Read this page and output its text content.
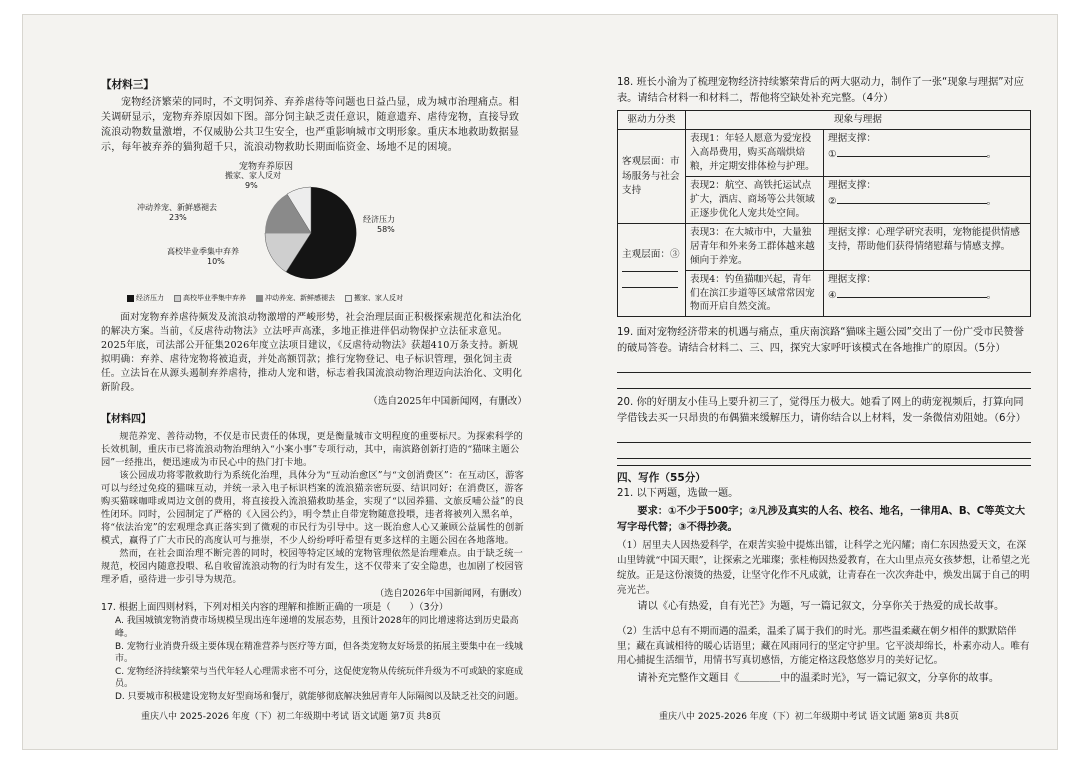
【材料三】
宠物经济繁荣的同时，不文明饲养、弃养虐待等问题也日益凸显，成为城市治理痛点。相关调研显示，宠物弃养原因如下图。部分饲主缺乏责任意识，随意遗弃、虐待宠物，直接导致流浪动物数量激增，不仅威胁公共卫生安全，也严重影响城市文明形象。重庆本地救助数据显示，每年被弃养的猫狗超千只，流浪动物救助长期面临资金、场地不足的困境。
宠物弃养原因
搬家、家人反对
9%
冲动养宠、新鲜感褪去
23%
高校毕业季集中弃养
10%
经济压力
58%
经济压力	高校毕业季集中弃养	冲动养宠、新鲜感褪去	搬家、家人反对
面对宠物弃养虐待频发及流浪动物激增的严峻形势，社会治理层面正积极探索规范化和法治化的解决方案。当前，《反虐待动物法》立法呼声高涨，多地正推进伴侣动物保护立法征求意见。2025年底，司法部公开征集2026年度立法项目建议，《反虐待动物法》获超410万条支持。新规拟明确：弃养、虐待宠物将被追责，并处高额罚款；推行宠物登记、电子标识管理，强化饲主责任。立法旨在从源头遏制弃养虐待，推动人宠和谐，标志着我国流浪动物治理迈向法治化、文明化新阶段。
（选自2025年中国新闻网，有删改）
【材料四】
规范养宠、善待动物，不仅是市民责任的体现，更是衡量城市文明程度的重要标尺。为探索科学的长效机制，重庆市已将流浪动物治理纳入“小案小事”专项行动，其中，南滨路创新打造的“猫咪主题公园”一经推出，便迅速成为市民心中的热门打卡地。
该公园成功将零散救助行为系统化治理，具体分为“互动治愈区”与“文创消费区”：在互动区，游客可以与经过免疫的猫咪互动，并统一录入电子标识档案的流浪猫亲密玩耍、结识同好；在消费区，游客购买猫咪咖啡或周边文创的费用，将直接投入流浪猫救助基金，实现了“以园养猫、文旅反哺公益”的良性闭环。同时，公园制定了严格的《入园公约》，明令禁止自带宠物随意投喂，违者将被列入黑名单，将“依法治宠”的宏观理念真正落实到了微观的市民行为引导中。这一既治愈人心又兼顾公益属性的创新模式，赢得了广大市民的高度认可与推崇，不少人纷纷呼吁希望有更多这样的主题公园在各地落地。
然而，在社会面治理不断完善的同时，校园等特定区域的宠物管理依然是治理难点。由于缺乏统一规范，校园内随意投喂、私自收留流浪动物的行为时有发生，这不仅带来了安全隐患，也加剧了校园管理矛盾，亟待进一步引导为规范。
（选自2026年中国新闻网，有删改）
17. 根据上面四则材料，下列对相关内容的理解和推断正确的一项是（　　）（3分）
A. 我国城镇宠物消费市场规模呈现出连年递增的发展态势，且预计2028年的同比增速将达到历史最高峰。
B. 宠物行业消费升级主要体现在精准营养与医疗等方面，但各类宠物友好场景的拓展主要集中在一线城市。
C. 宠物经济持续繁荣与当代年轻人心理需求密不可分，这促使宠物从传统玩伴升级为不可或缺的家庭成员。
D. 只要城市积极建设宠物友好型商场和餐厅，就能够彻底解决独居青年人际隔阂以及缺乏社交的问题。
重庆八中 2025-2026 年度（下）初二年级期中考试 语文试题 第7页 共8页
18. 班长小渝为了梳理宠物经济持续繁荣背后的两大驱动力，制作了一张“现象与理据”对应表。请结合材料一和材料二，帮他将空缺处补充完整。（4分）
驱动力分类	现象与理据	
客观层面：市场服务与社会支持	表现1：年轻人愿意为爱宠投入高昂费用，购买高端烘焙粮，并定期安排体检与护理。	理据支撑：
① 。
	表现2：航空、高铁托运试点扩大，酒店、商场等公共领域正逐步优化人宠共处空间。	理据支撑：
② 。
主观层面：③	表现3：在大城市中，大量独居青年和外来务工群体越来越倾向于养宠。	理据支撑：心理学研究表明，宠物能提供情感支持，帮助他们获得情绪慰藉与情感支撑。
	表现4：钓鱼猫咖兴起，青年们在滨江步道等区域常常因宠物而开启自然交流。	理据支撑：
④ 。
19. 面对宠物经济带来的机遇与痛点，重庆南滨路“猫咪主题公园”交出了一份广受市民赞誉的破局答卷。请结合材料二、三、四，探究大家呼吁该模式在各地推广的原因。（5分）
20. 你的好朋友小佳马上要升初三了，觉得压力极大。她看了网上的萌宠视频后，打算向同学借钱去买一只昂贵的布偶猫来缓解压力，请你结合以上材料，发一条微信劝阻她。（6分）
四、写作（55分）
21. 以下两题，选做一题。
要求：①不少于500字；②凡涉及真实的人名、校名、地名，一律用A、B、C等英文大写字母代替；③不得抄袭。
（1）居里夫人因热爱科学，在艰苦实验中提炼出镭，让科学之光闪耀；南仁东因热爱天文，在深山里铸就“中国天眼”，让探索之光璀璨；张桂梅因热爱教育，在大山里点亮女孩梦想，让希望之光绽放。正是这份滚烫的热爱，让坚守化作不凡成就，让青春在一次次奔赴中，焕发出属于自己的明亮光芒。
请以《心有热爱，自有光芒》为题，写一篇记叙文，分享你关于热爱的成长故事。
（2）生活中总有不期而遇的温柔，温柔了属于我们的时光。那些温柔藏在朝夕相伴的默默陪伴里；藏在真诚相待的暖心话语里；藏在风雨同行的坚定守护里。它平淡却绵长，朴素亦动人。唯有用心捕捉生活细节，用情书写真切感悟，方能定格这段悠悠岁月的美好记忆。
请补充完整作文题目《＿＿＿＿中的温柔时光》，写一篇记叙文，分享你的故事。
重庆八中 2025-2026 年度（下）初二年级期中考试 语文试题 第8页 共8页
